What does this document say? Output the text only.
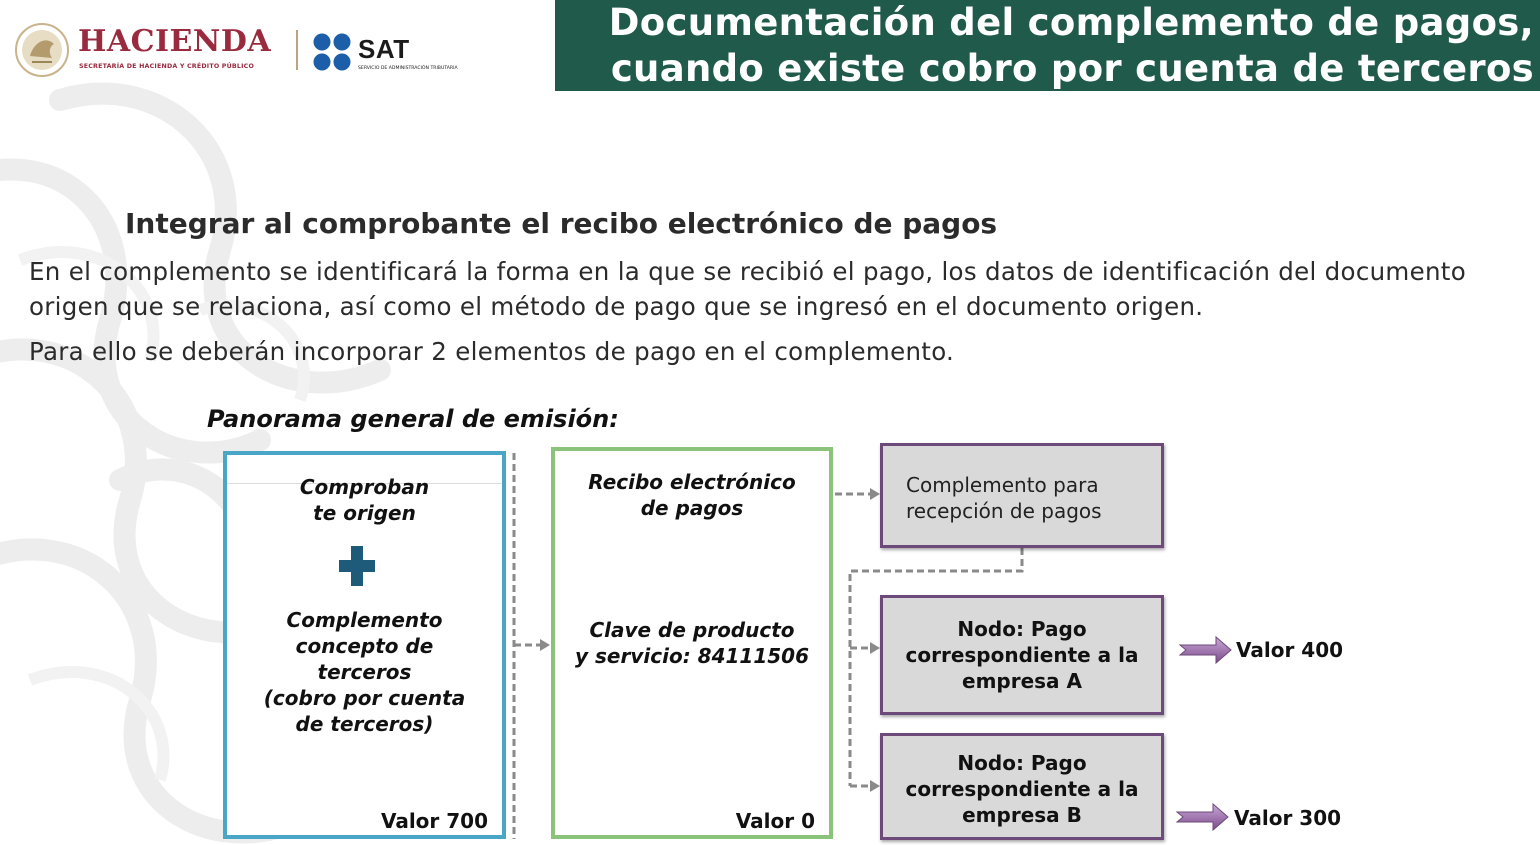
HACIENDA
SECRETARÍA DE HACIENDA Y CRÉDITO PÚBLICO
SAT
SERVICIO DE ADMINISTRACIÓN TRIBUTARIA
Documentación del complemento de pagos,
cuando existe cobro por cuenta de terceros
Integrar al comprobante el recibo electrónico de pagos
En el complemento se identificará la forma en la que se recibió el pago, los datos de identificación del documento origen que se relaciona, así como el método de pago que se ingresó en el documento origen.
Para ello se deberán incorporar 2 elementos de pago en el complemento.
Panorama general de emisión:
Comproban
te origen
Complemento
concepto de
terceros
(cobro por cuenta
de terceros)
Valor 700
Recibo electrónico
de pagos
Clave de producto
y servicio: 84111506
Valor 0
Complemento para
recepción de pagos
Nodo: Pago
correspondiente a la
empresa A
Nodo: Pago
correspondiente a la
empresa B
Valor 400
Valor 300
